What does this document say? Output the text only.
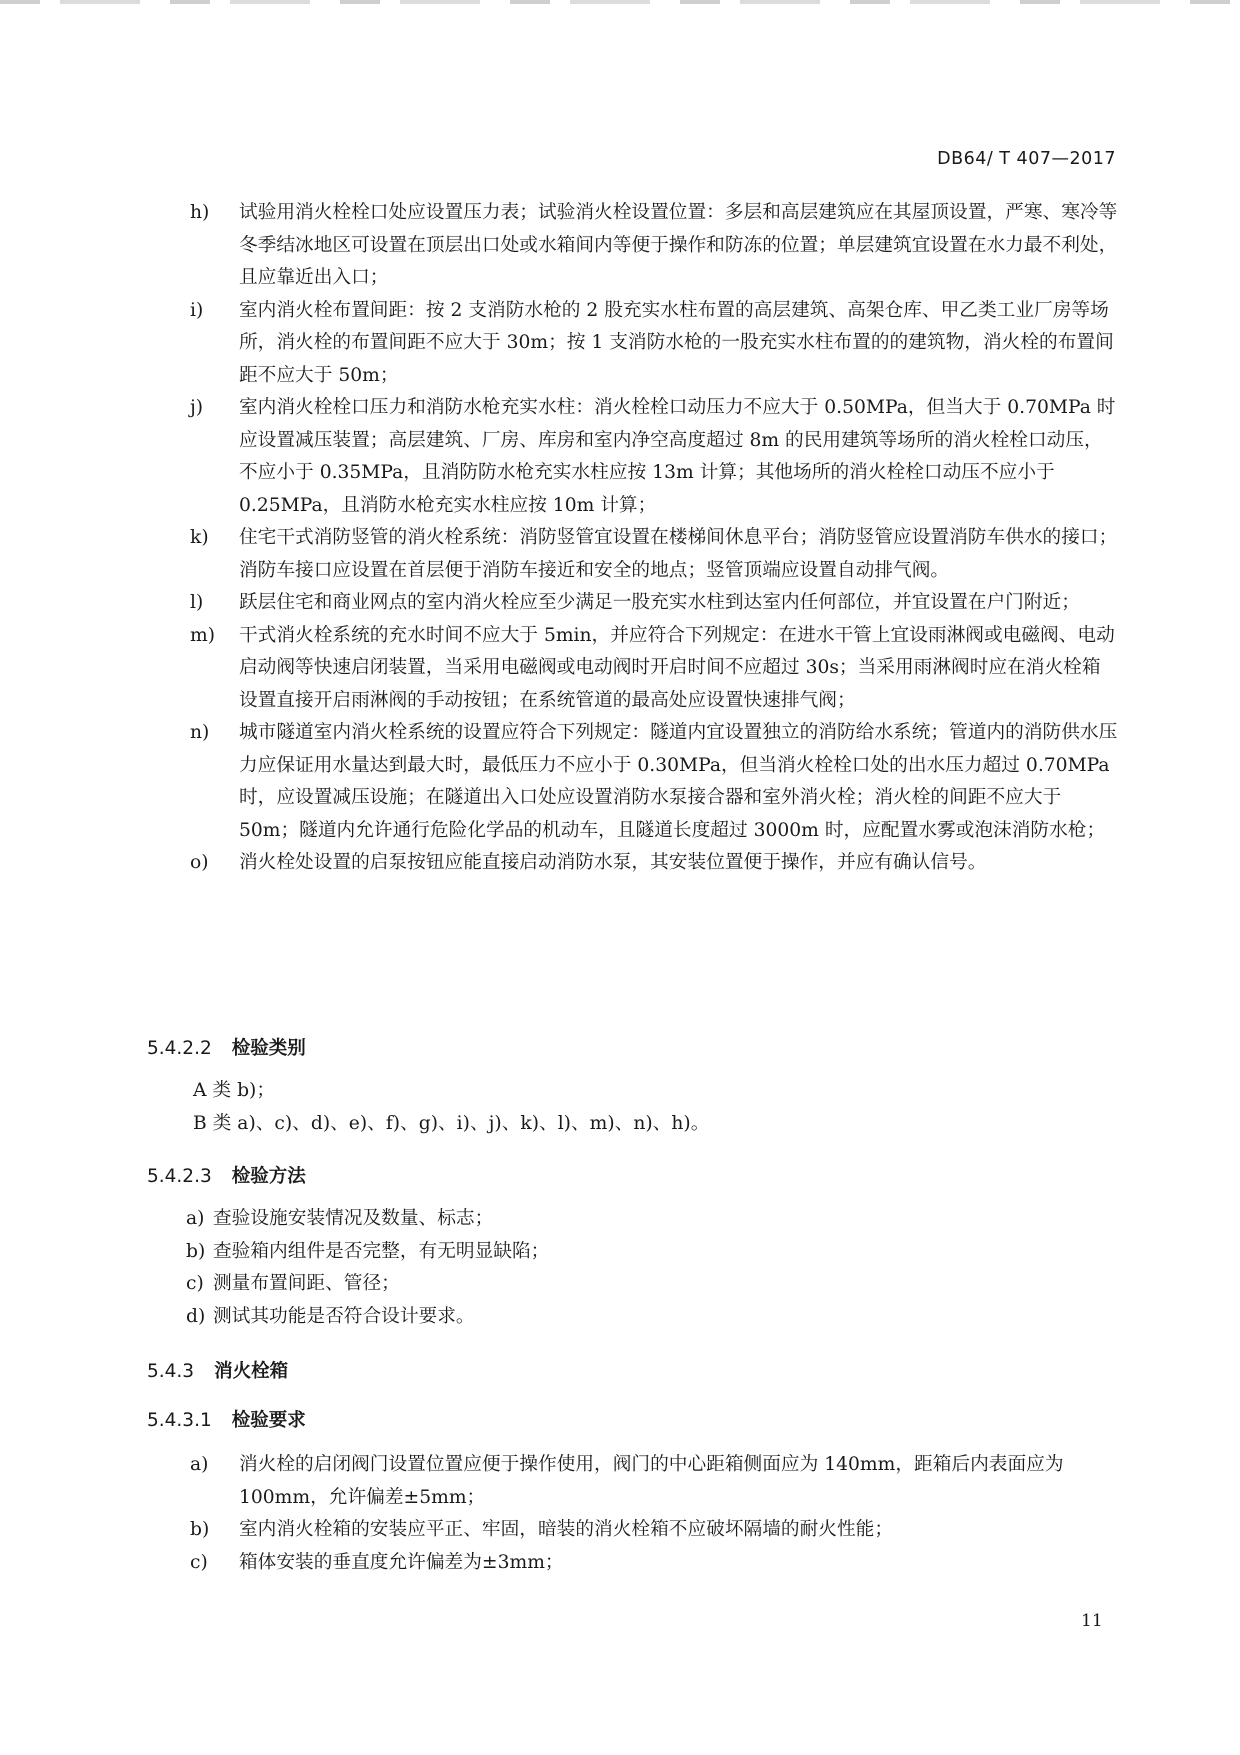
DB64/ T 407—2017
h) 试验用消火栓栓口处应设置压力表；试验消火栓设置位置：多层和高层建筑应在其屋顶设置，严寒、寒冷等冬季结冰地区可设置在顶层出口处或水箱间内等便于操作和防冻的位置；单层建筑宜设置在水力最不利处，且应靠近出入口；
i) 室内消火栓布置间距：按 2 支消防水枪的 2 股充实水柱布置的高层建筑、高架仓库、甲乙类工业厂房等场所，消火栓的布置间距不应大于 30m；按 1 支消防水枪的一股充实水柱布置的的建筑物，消火栓的布置间距不应大于 50m；
j) 室内消火栓栓口压力和消防水枪充实水柱：消火栓栓口动压力不应大于 0.50MPa，但当大于 0.70MPa 时应设置减压装置；高层建筑、厂房、库房和室内净空高度超过 8m 的民用建筑等场所的消火栓栓口动压，不应小于 0.35MPa，且消防防水枪充实水柱应按 13m 计算；其他场所的消火栓栓口动压不应小于 0.25MPa，且消防水枪充实水柱应按 10m 计算；
k) 住宅干式消防竖管的消火栓系统：消防竖管宜设置在楼梯间休息平台；消防竖管应设置消防车供水的接口；消防车接口应设置在首层便于消防车接近和安全的地点；竖管顶端应设置自动排气阀。
l) 跃层住宅和商业网点的室内消火栓应至少满足一股充实水柱到达室内任何部位，并宜设置在户门附近；
m) 干式消火栓系统的充水时间不应大于 5min，并应符合下列规定：在进水干管上宜设雨淋阀或电磁阀、电动启动阀等快速启闭装置，当采用电磁阀或电动阀时开启时间不应超过 30s；当采用雨淋阀时应在消火栓箱设置直接开启雨淋阀的手动按钮；在系统管道的最高处应设置快速排气阀；
n) 城市隧道室内消火栓系统的设置应符合下列规定：隧道内宜设置独立的消防给水系统；管道内的消防供水压力应保证用水量达到最大时，最低压力不应小于 0.30MPa，但当消火栓栓口处的出水压力超过 0.70MPa 时，应设置减压设施；在隧道出入口处应设置消防水泵接合器和室外消火栓；消火栓的间距不应大于 50m；隧道内允许通行危险化学品的机动车，且隧道长度超过 3000m 时，应配置水雾或泡沫消防水枪；
o) 消火栓处设置的启泵按钮应能直接启动消防水泵，其安装位置便于操作，并应有确认信号。
5.4.2.2 检验类别
A 类 b)；
B 类 a)、c)、d)、e)、f)、g)、i)、j)、k)、l)、m)、n)、h)。
5.4.2.3 检验方法
a) 查验设施安装情况及数量、标志；
b) 查验箱内组件是否完整，有无明显缺陷；
c) 测量布置间距、管径；
d) 测试其功能是否符合设计要求。
5.4.3 消火栓箱
5.4.3.1 检验要求
a) 消火栓的启闭阀门设置位置应便于操作使用，阀门的中心距箱侧面应为 140mm，距箱后内表面应为 100mm，允许偏差±5mm；
b) 室内消火栓箱的安装应平正、牢固，暗装的消火栓箱不应破坏隔墙的耐火性能；
c) 箱体安装的垂直度允许偏差为±3mm；
11
